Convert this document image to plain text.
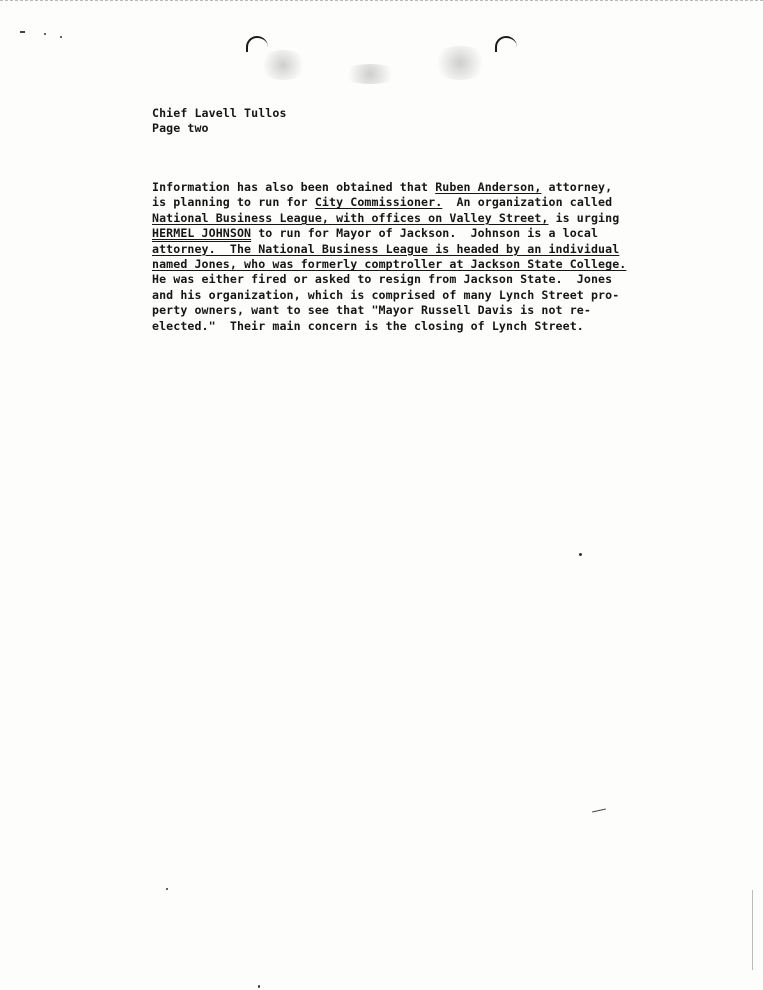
Chief Lavell Tullos
Page two
Information has also been obtained that Ruben Anderson, attorney,
is planning to run for City Commissioner.  An organization called
National Business League, with offices on Valley Street, is urging
HERMEL JOHNSON to run for Mayor of Jackson.  Johnson is a local
attorney.  The National Business League is headed by an individual
named Jones, who was formerly comptroller at Jackson State College.
He was either fired or asked to resign from Jackson State.  Jones
and his organization, which is comprised of many Lynch Street pro-
perty owners, want to see that "Mayor Russell Davis is not re-
elected."  Their main concern is the closing of Lynch Street.
